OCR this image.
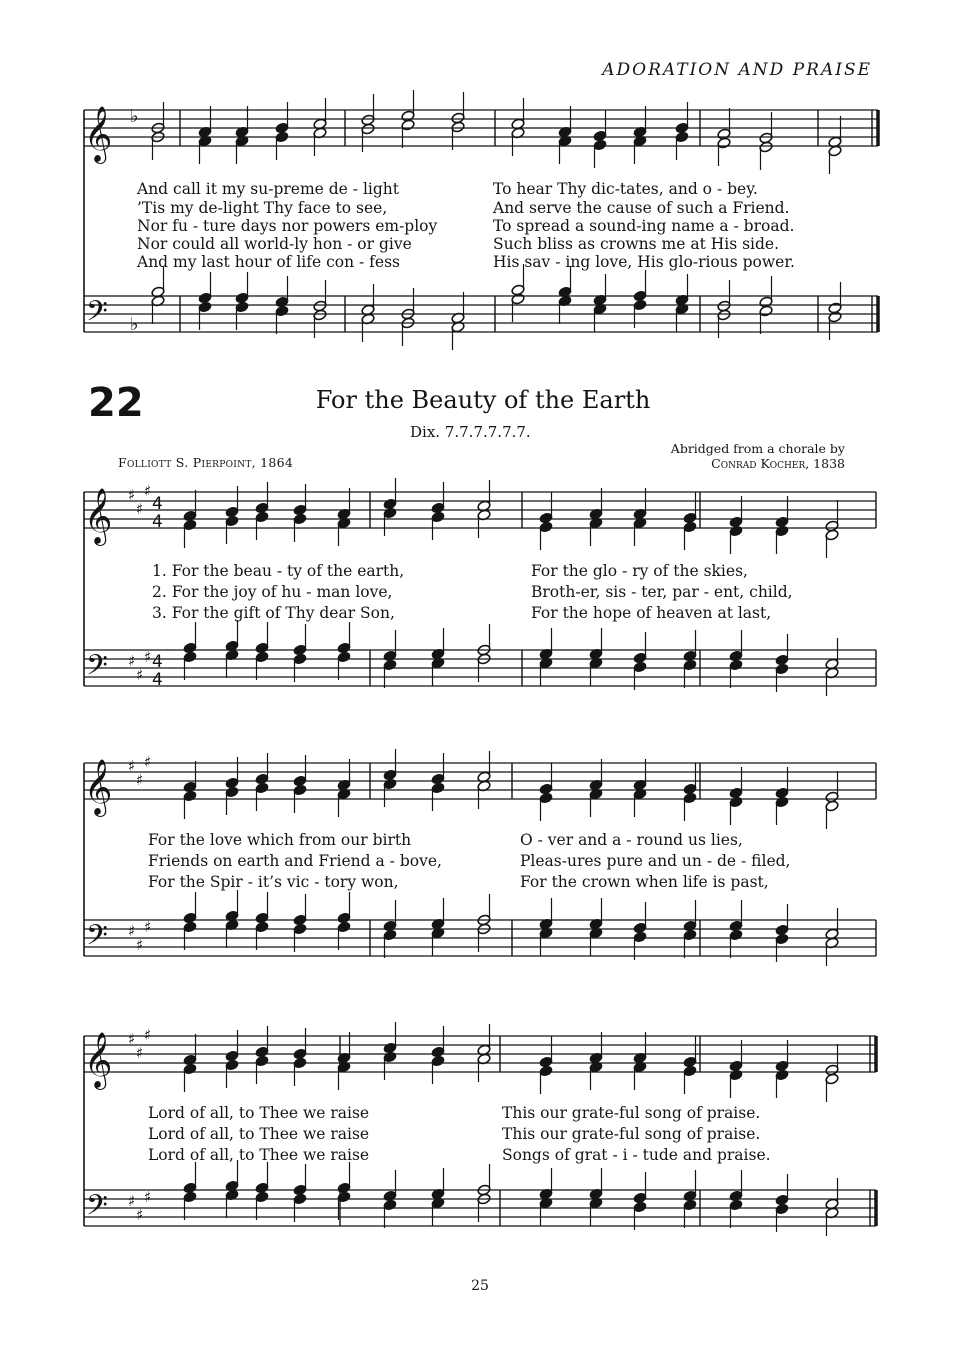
ADORATION AND PRAISE
22	For the Beauty of the Earth
Dix. 7.7.7.7.7.7.
Folliott S. Pierpoint, 1864
Abridged from a chorale by
Conrad Kocher, 1838
And call it my su-preme de - light	To hear Thy dic-tates, and o - bey.
’Tis my de-light Thy face to see,	And serve the cause of such a Friend.
Nor fu - ture days nor powers em-ploy	To spread a sound-ing name a - broad.
Nor could all world-ly hon - or give	Such bliss as crowns me at His side.
And my last hour of life con - fess	His sav - ing love, His glo-rious power.
1. For the beau - ty of the earth,	For the glo - ry of the skies,
2. For the joy of hu - man love,	Broth-er, sis - ter, par - ent, child,
3. For the gift of Thy dear Son,	For the hope of heaven at last,
For the love which from our birth	O - ver and a - round us lies,
Friends on earth and Friend a - bove,	Pleas-ures pure and un - de - filed,
For the Spir - it’s vic - tory won,	For the crown when life is past,
Lord of all, to Thee we raise	This our grate-ful song of praise.
Lord of all, to Thee we raise	This our grate-ful song of praise.
Lord of all, to Thee we raise	Songs of grat - i - tude and praise.
25
𝄞
𝄢
♭
♭
𝄞
𝄢
♯
♯
♯
♯
♯
♯
4
4
4
4
𝄞
𝄢
♯
♯
♯
♯
♯
♯
𝄞
𝄢
♯
♯
♯
♯
♯
♯
